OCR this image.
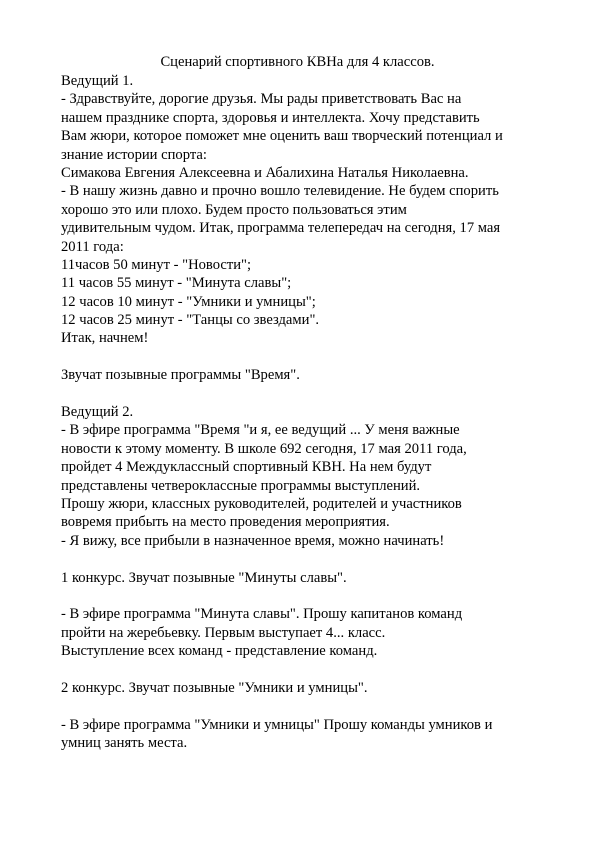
Сценарий спортивного КВНа для 4 классов.
Ведущий 1.
- Здравствуйте, дорогие друзья. Мы рады приветствовать Вас на
нашем празднике спорта, здоровья и интеллекта. Хочу представить
Вам жюри, которое поможет мне оценить ваш творческий потенциал и
знание истории спорта:
Симакова Евгения Алексеевна и Абалихина Наталья Николаевна.
- В нашу жизнь давно и прочно вошло телевидение. Не будем спорить
хорошо это или плохо. Будем просто пользоваться этим
удивительным чудом. Итак, программа телепередач на сегодня, 17 мая
2011 года:
11часов 50 минут - "Новости";
11 часов 55 минут - "Минута славы";
12 часов 10 минут - "Умники и умницы";
12 часов 25 минут - "Танцы со звездами".
Итак, начнем!
Звучат позывные программы "Время".
Ведущий 2.
- В эфире программа "Время "и я, ее ведущий ... У меня важные
новости к этому моменту. В школе 692 сегодня, 17 мая 2011 года,
пройдет 4 Междуклассный спортивный КВН. На нем будут
представлены четвероклассные программы выступлений.
Прошу жюри, классных руководителей, родителей и участников
вовремя прибыть на место проведения мероприятия.
- Я вижу, все прибыли в назначенное время, можно начинать!
1 конкурс. Звучат позывные "Минуты славы".
- В эфире программа "Минута славы". Прошу капитанов команд
пройти на жеребьевку. Первым выступает 4... класс.
Выступление всех команд - представление команд.
2 конкурс. Звучат позывные "Умники и умницы".
- В эфире программа "Умники и умницы" Прошу команды умников и
умниц занять места.
